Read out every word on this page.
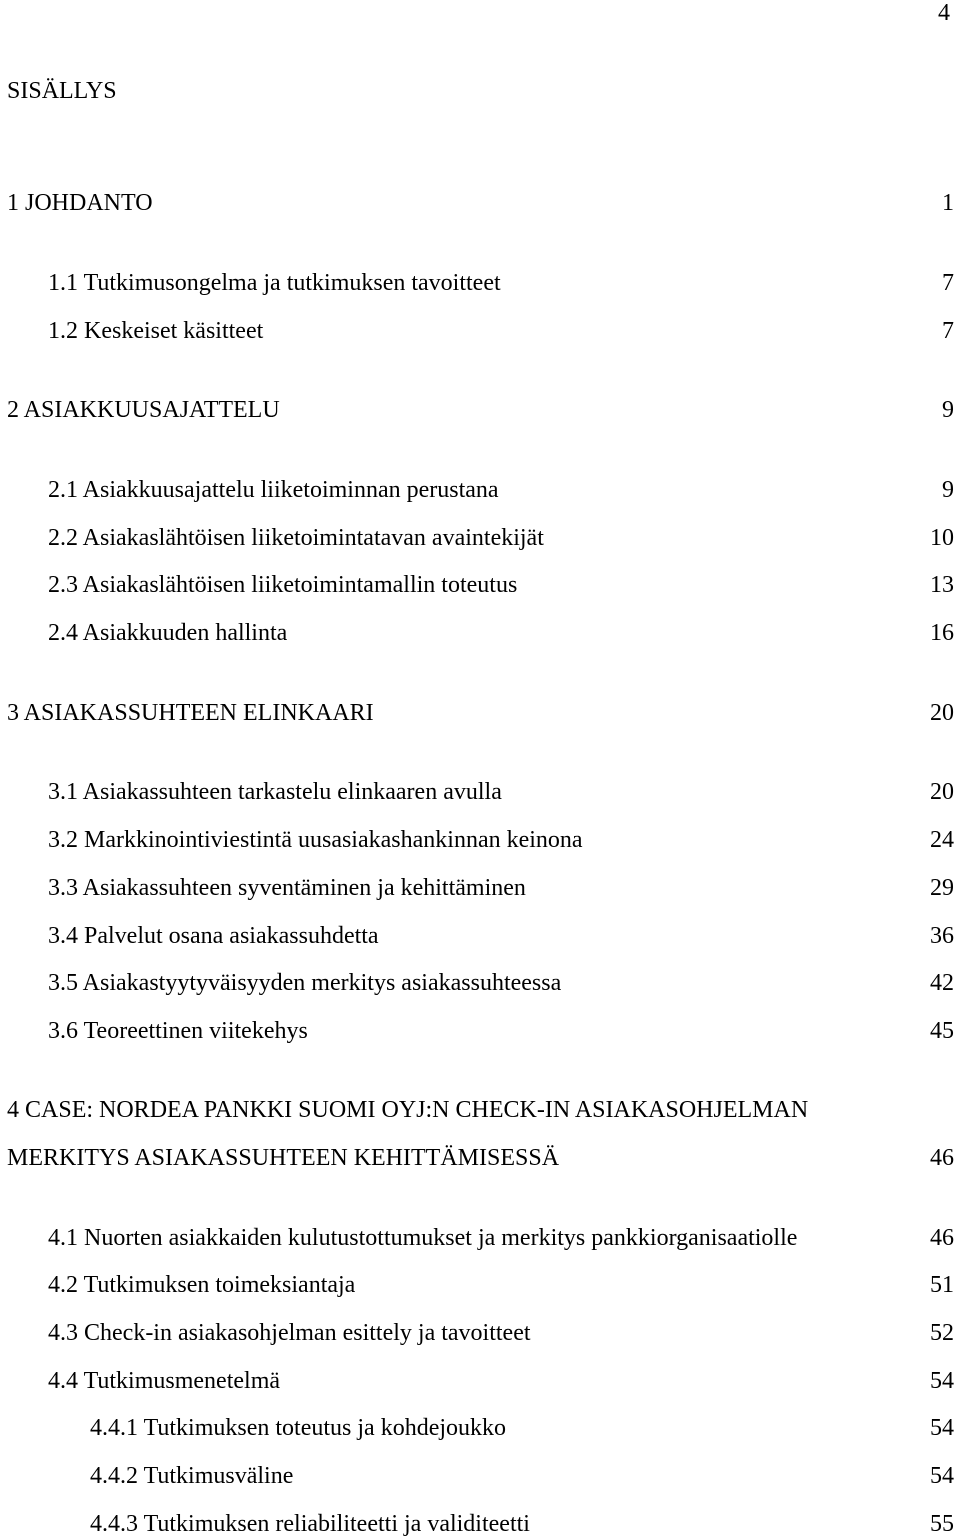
4
SISÄLLYS
1 JOHDANTO	1
1.1 Tutkimusongelma ja tutkimuksen tavoitteet	7
1.2 Keskeiset käsitteet	7
2 ASIAKKUUSAJATTELU	9
2.1 Asiakkuusajattelu liiketoiminnan perustana	9
2.2 Asiakaslähtöisen liiketoimintatavan avaintekijät	10
2.3 Asiakaslähtöisen liiketoimintamallin toteutus	13
2.4 Asiakkuuden hallinta	16
3 ASIAKASSUHTEEN ELINKAARI	20
3.1 Asiakassuhteen tarkastelu elinkaaren avulla	20
3.2 Markkinointiviestintä uusasiakashankinnan keinona	24
3.3 Asiakassuhteen syventäminen ja kehittäminen	29
3.4 Palvelut osana asiakassuhdetta	36
3.5 Asiakastyytyväisyyden merkitys asiakassuhteessa	42
3.6 Teoreettinen viitekehys	45
4 CASE: NORDEA PANKKI SUOMI OYJ:N CHECK-IN ASIAKASOHJELMAN
MERKITYS ASIAKASSUHTEEN KEHITTÄMISESSÄ	46
4.1 Nuorten asiakkaiden kulutustottumukset ja merkitys pankkiorganisaatiolle	46
4.2 Tutkimuksen toimeksiantaja	51
4.3 Check-in asiakasohjelman esittely ja tavoitteet	52
4.4 Tutkimusmenetelmä	54
4.4.1 Tutkimuksen toteutus ja kohdejoukko	54
4.4.2 Tutkimusväline	54
4.4.3 Tutkimuksen reliabiliteetti ja validiteetti	55
